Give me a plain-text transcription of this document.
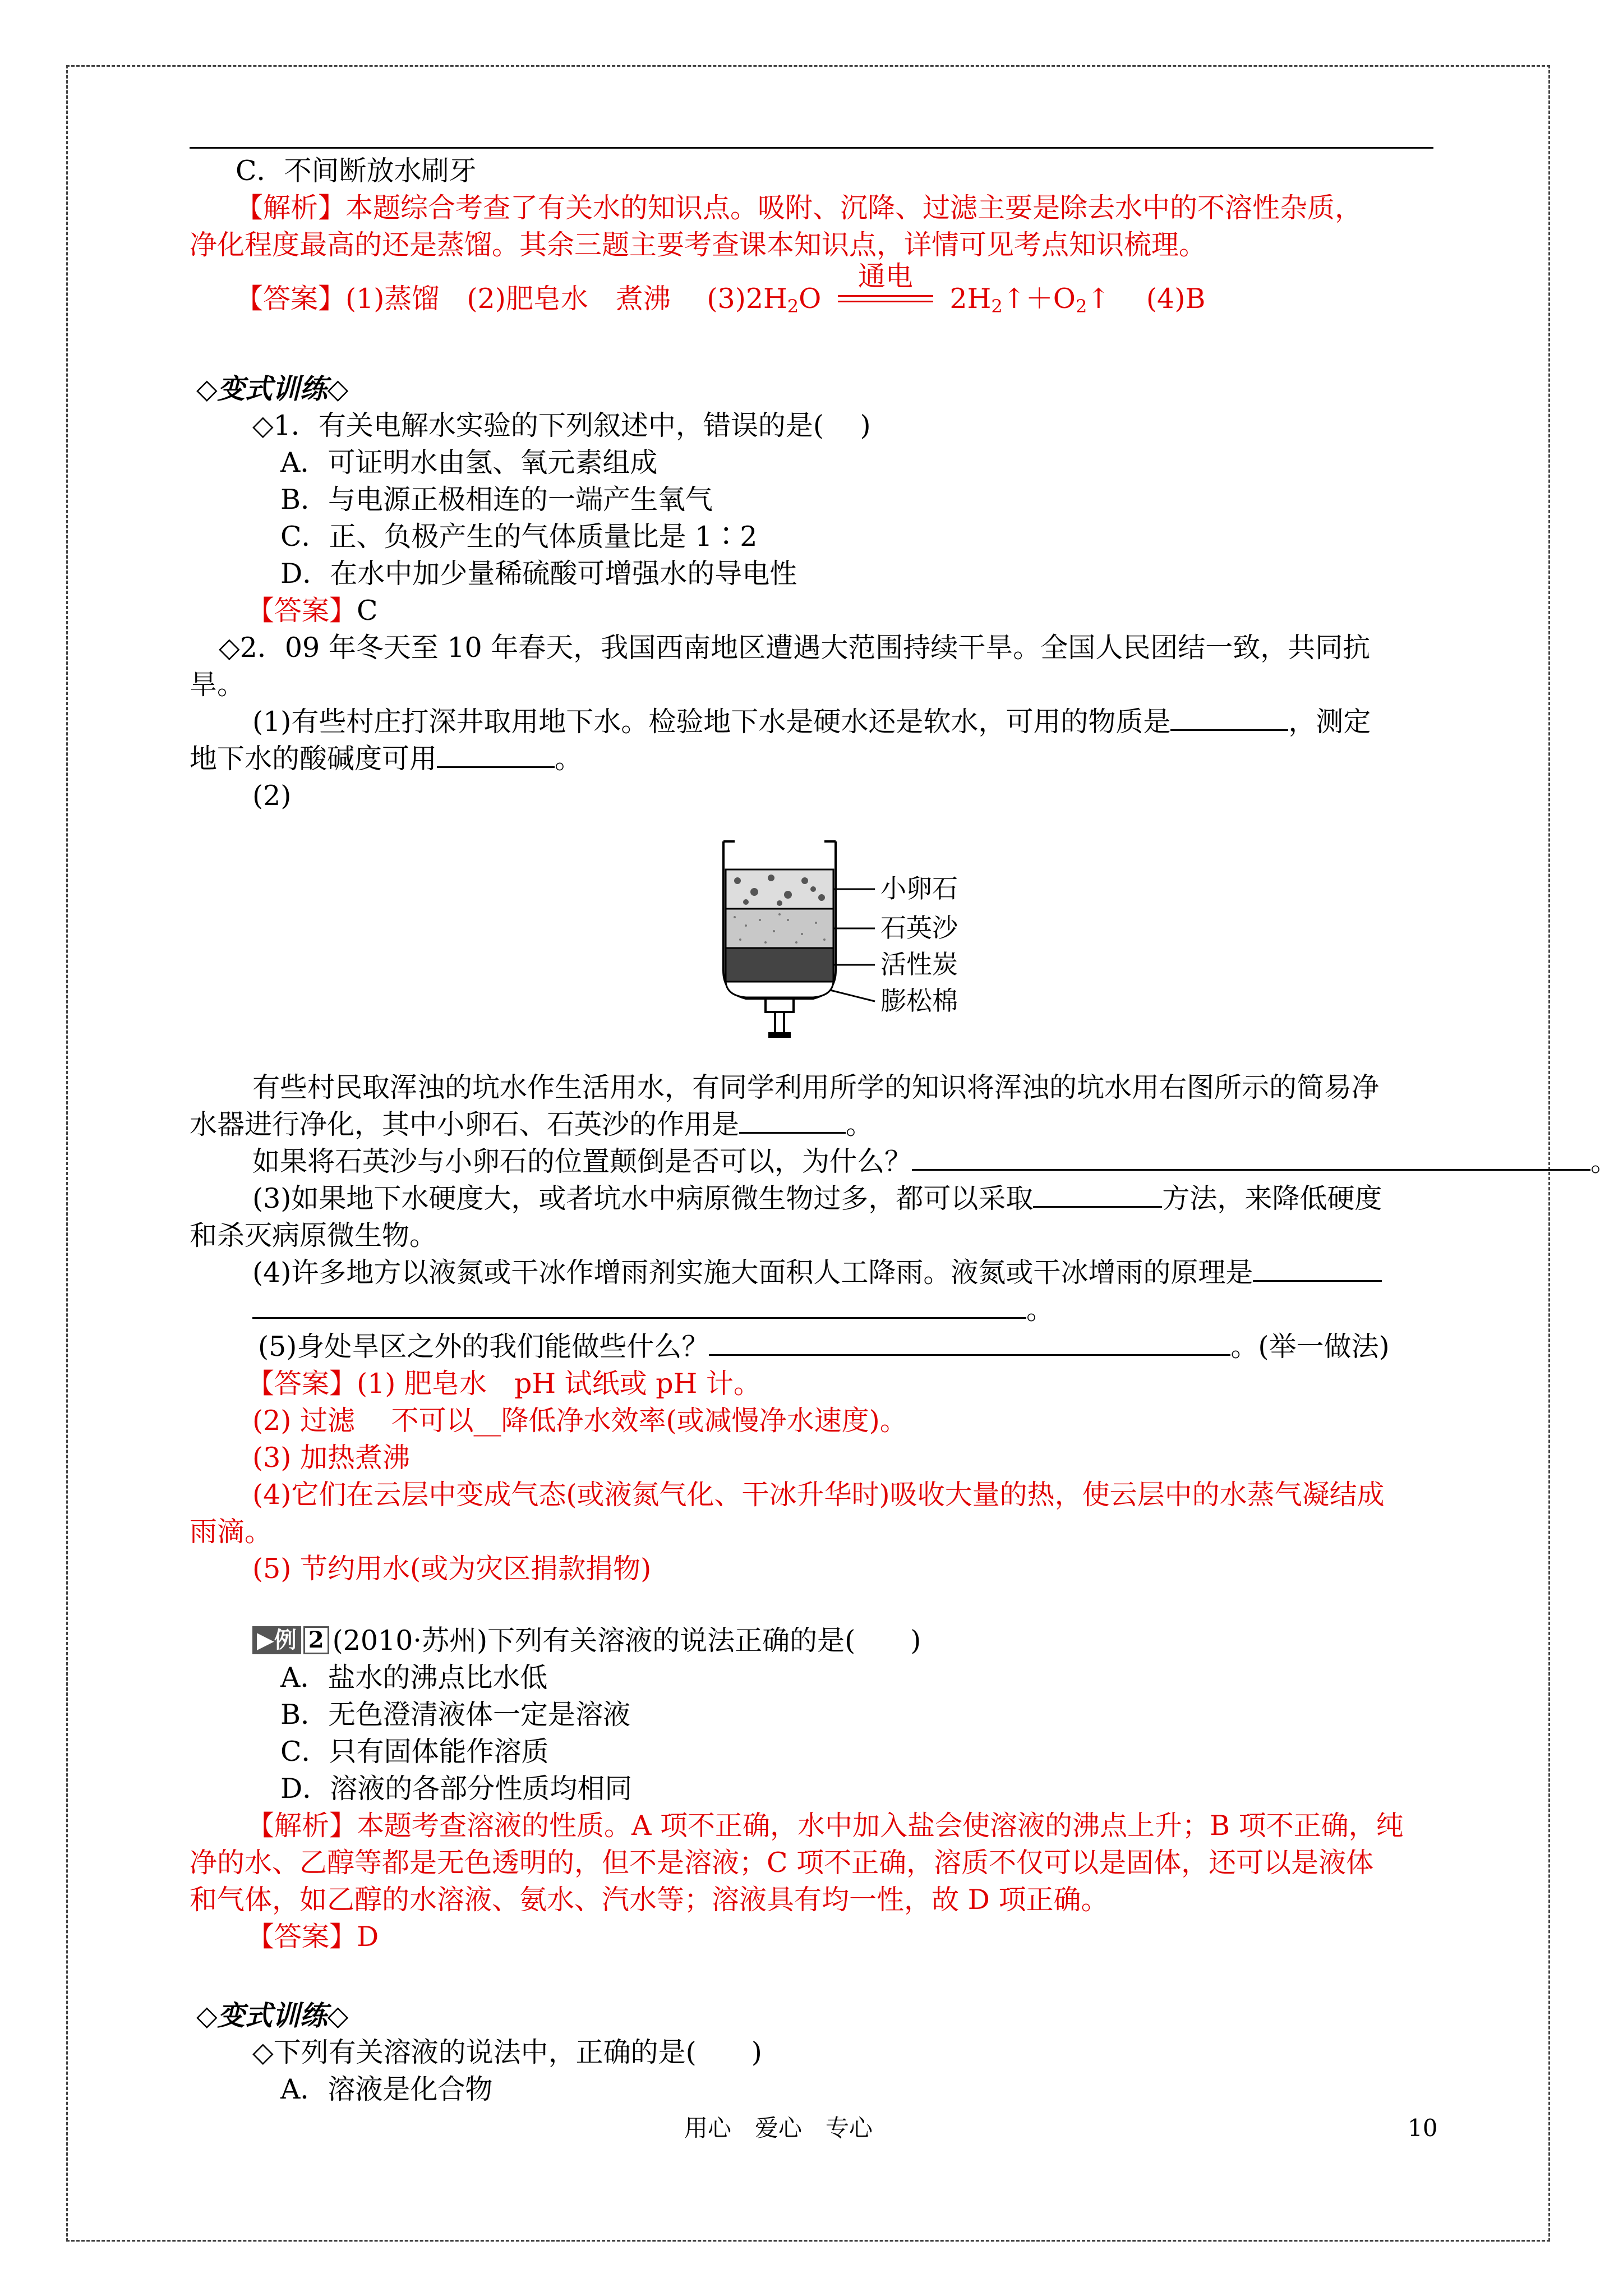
C．不间断放水刷牙
【解析】本题综合考查了有关水的知识点。吸附、沉降、过滤主要是除去水中的不溶性杂质，
净化程度最高的还是蒸馏。其余三题主要考查课本知识点，详情可见考点知识梳理。
【答案】(1)蒸馏　(2)肥皂水　煮沸　 $(3)2H_2O$
通电
$2H_2↑+O_2↑$　 (4)B
◇变式训练◇
◇1．有关电解水实验的下列叙述中，错误的是(　 )
A．可证明水由氢、氧元素组成
B．与电源正极相连的一端产生氧气
C．正、负极产生的气体质量比是 1∶2
D．在水中加少量稀硫酸可增强水的导电性
【答案】C
◇2．09 年冬天至 10 年春天，我国西南地区遭遇大范围持续干旱。全国人民团结一致，共同抗
旱。
(1)有些村庄打深井取用地下水。检验地下水是硬水还是软水，可用的物质是	，测定
地下水的酸碱度可用	。
(2)
小卵石
石英沙
活性炭
膨松棉
有些村民取浑浊的坑水作生活用水，有同学利用所学的知识将浑浊的坑水用右图所示的简易净
水器进行净化，其中小卵石、石英沙的作用是	。
如果将石英沙与小卵石的位置颠倒是否可以，为什么？	。
(3)如果地下水硬度大，或者坑水中病原微生物过多，都可以采取	方法，来降低硬度
和杀灭病原微生物。
(4)许多地方以液氮或干冰作增雨剂实施大面积人工降雨。液氮或干冰增雨的原理是
。
(5)身处旱区之外的我们能做些什么？	。(举一做法)
【答案】(1) 肥皂水　pH 试纸或 pH 计。
(2) 过滤　 不可以__降低净水效率(或减慢净水速度)。
(3) 加热煮沸
(4)它们在云层中变成气态(或液氮气化、干冰升华时)吸收大量的热，使云层中的水蒸气凝结成
雨滴。
(5) 节约用水(或为灾区捐款捐物)
▶例 2 (2010·苏州)下列有关溶液的说法正确的是(　　)
A．盐水的沸点比水低
B．无色澄清液体一定是溶液
C．只有固体能作溶质
D．溶液的各部分性质均相同
【解析】本题考查溶液的性质。A 项不正确，水中加入盐会使溶液的沸点上升；B 项不正确，纯
净的水、乙醇等都是无色透明的，但不是溶液；C 项不正确，溶质不仅可以是固体，还可以是液体
和气体，如乙醇的水溶液、氨水、汽水等；溶液具有均一性，故 D 项正确。
【答案】D
◇变式训练◇
◇下列有关溶液的说法中，正确的是(　　)
A．溶液是化合物
用心　爱心　专心	10
